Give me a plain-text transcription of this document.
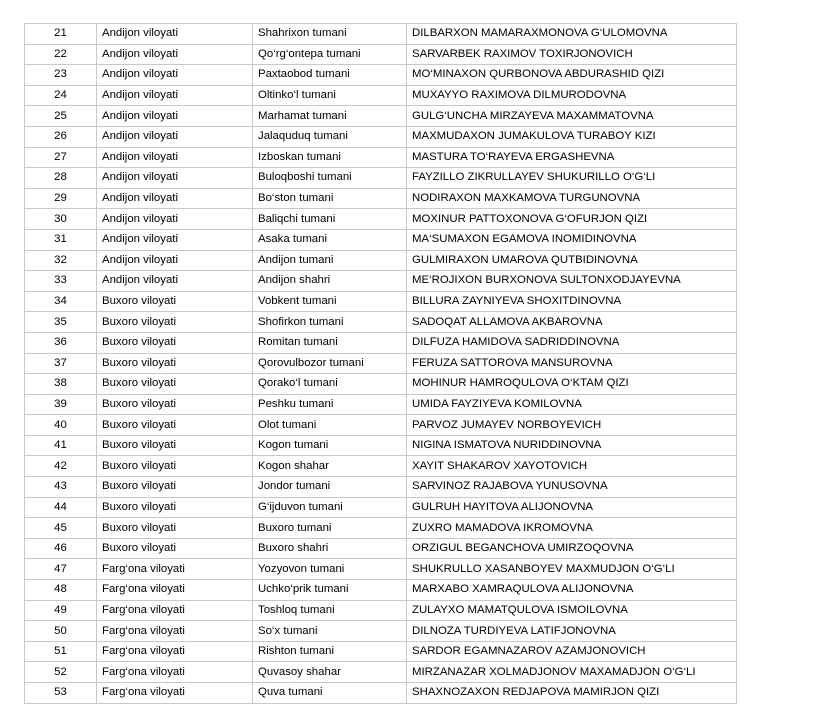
21	Andijon viloyati	Shahrixon tumani	DILBARXON MAMARAXMONOVA G‘ULOMOVNA
22	Andijon viloyati	Qo‘rg‘ontepa tumani	SARVARBEK RAXIMOV TOXIRJONOVICH
23	Andijon viloyati	Paxtaobod tumani	MO‘MINAXON QURBONOVA ABDURASHID QIZI
24	Andijon viloyati	Oltinko‘l tumani	MUXAYYO RAXIMOVA DILMURODOVNA
25	Andijon viloyati	Marhamat tumani	GULG‘UNCHA MIRZAYEVA MAXAMMATOVNA
26	Andijon viloyati	Jalaquduq tumani	MAXMUDAXON JUMAKULOVA TURABOY KIZI
27	Andijon viloyati	Izboskan tumani	MASTURA TO‘RAYEVA ERGASHEVNA
28	Andijon viloyati	Buloqboshi tumani	FAYZILLO ZIKRULLAYEV SHUKURILLO O‘G‘LI
29	Andijon viloyati	Bo‘ston tumani	NODIRAXON MAXKAMOVA TURGUNOVNA
30	Andijon viloyati	Baliqchi tumani	MOXINUR PATTOXONOVA G‘OFURJON QIZI
31	Andijon viloyati	Asaka tumani	MA‘SUMAXON EGAMOVA INOMIDINOVNA
32	Andijon viloyati	Andijon tumani	GULMIRAXON UMAROVA QUTBIDINOVNA
33	Andijon viloyati	Andijon shahri	ME‘ROJIXON BURXONOVA SULTONXODJAYEVNA
34	Buxoro viloyati	Vobkent tumani	BILLURA ZAYNIYEVA SHOXITDINOVNA
35	Buxoro viloyati	Shofirkon tumani	SADOQAT ALLAMOVA AKBAROVNA
36	Buxoro viloyati	Romitan tumani	DILFUZA HAMIDOVA SADRIDDINOVNA
37	Buxoro viloyati	Qorovulbozor tumani	FERUZA SATTOROVA MANSUROVNA
38	Buxoro viloyati	Qorako‘l tumani	MOHINUR HAMROQULOVA O‘KTAM QIZI
39	Buxoro viloyati	Peshku tumani	UMIDA FAYZIYEVA KOMILOVNA
40	Buxoro viloyati	Olot tumani	PARVOZ JUMAYEV NORBOYEVICH
41	Buxoro viloyati	Kogon tumani	NIGINA ISMATOVA NURIDDINOVNA
42	Buxoro viloyati	Kogon shahar	XAYIT SHAKAROV XAYOTOVICH
43	Buxoro viloyati	Jondor tumani	SARVINOZ RAJABOVA YUNUSOVNA
44	Buxoro viloyati	G‘ijduvon tumani	GULRUH HAYITOVA ALIJONOVNA
45	Buxoro viloyati	Buxoro tumani	ZUXRO MAMADOVA IKROMOVNA
46	Buxoro viloyati	Buxoro shahri	ORZIGUL BEGANCHOVA UMIRZOQOVNA
47	Farg‘ona viloyati	Yozyovon tumani	SHUKRULLO XASANBOYEV MAXMUDJON O‘G‘LI
48	Farg‘ona viloyati	Uchko‘prik tumani	MARXABO XAMRAQULOVA ALIJONOVNA
49	Farg‘ona viloyati	Toshloq tumani	ZULAYXO MAMATQULOVA ISMOILOVNA
50	Farg‘ona viloyati	So‘x tumani	DILNOZA TURDIYEVA LATIFJONOVNA
51	Farg‘ona viloyati	Rishton tumani	SARDOR EGAMNAZAROV AZAMJONOVICH
52	Farg‘ona viloyati	Quvasoy shahar	MIRZANAZAR XOLMADJONOV MAXAMADJON O‘G‘LI
53	Farg‘ona viloyati	Quva tumani	SHAXNOZAXON REDJAPOVA MAMIRJON QIZI
